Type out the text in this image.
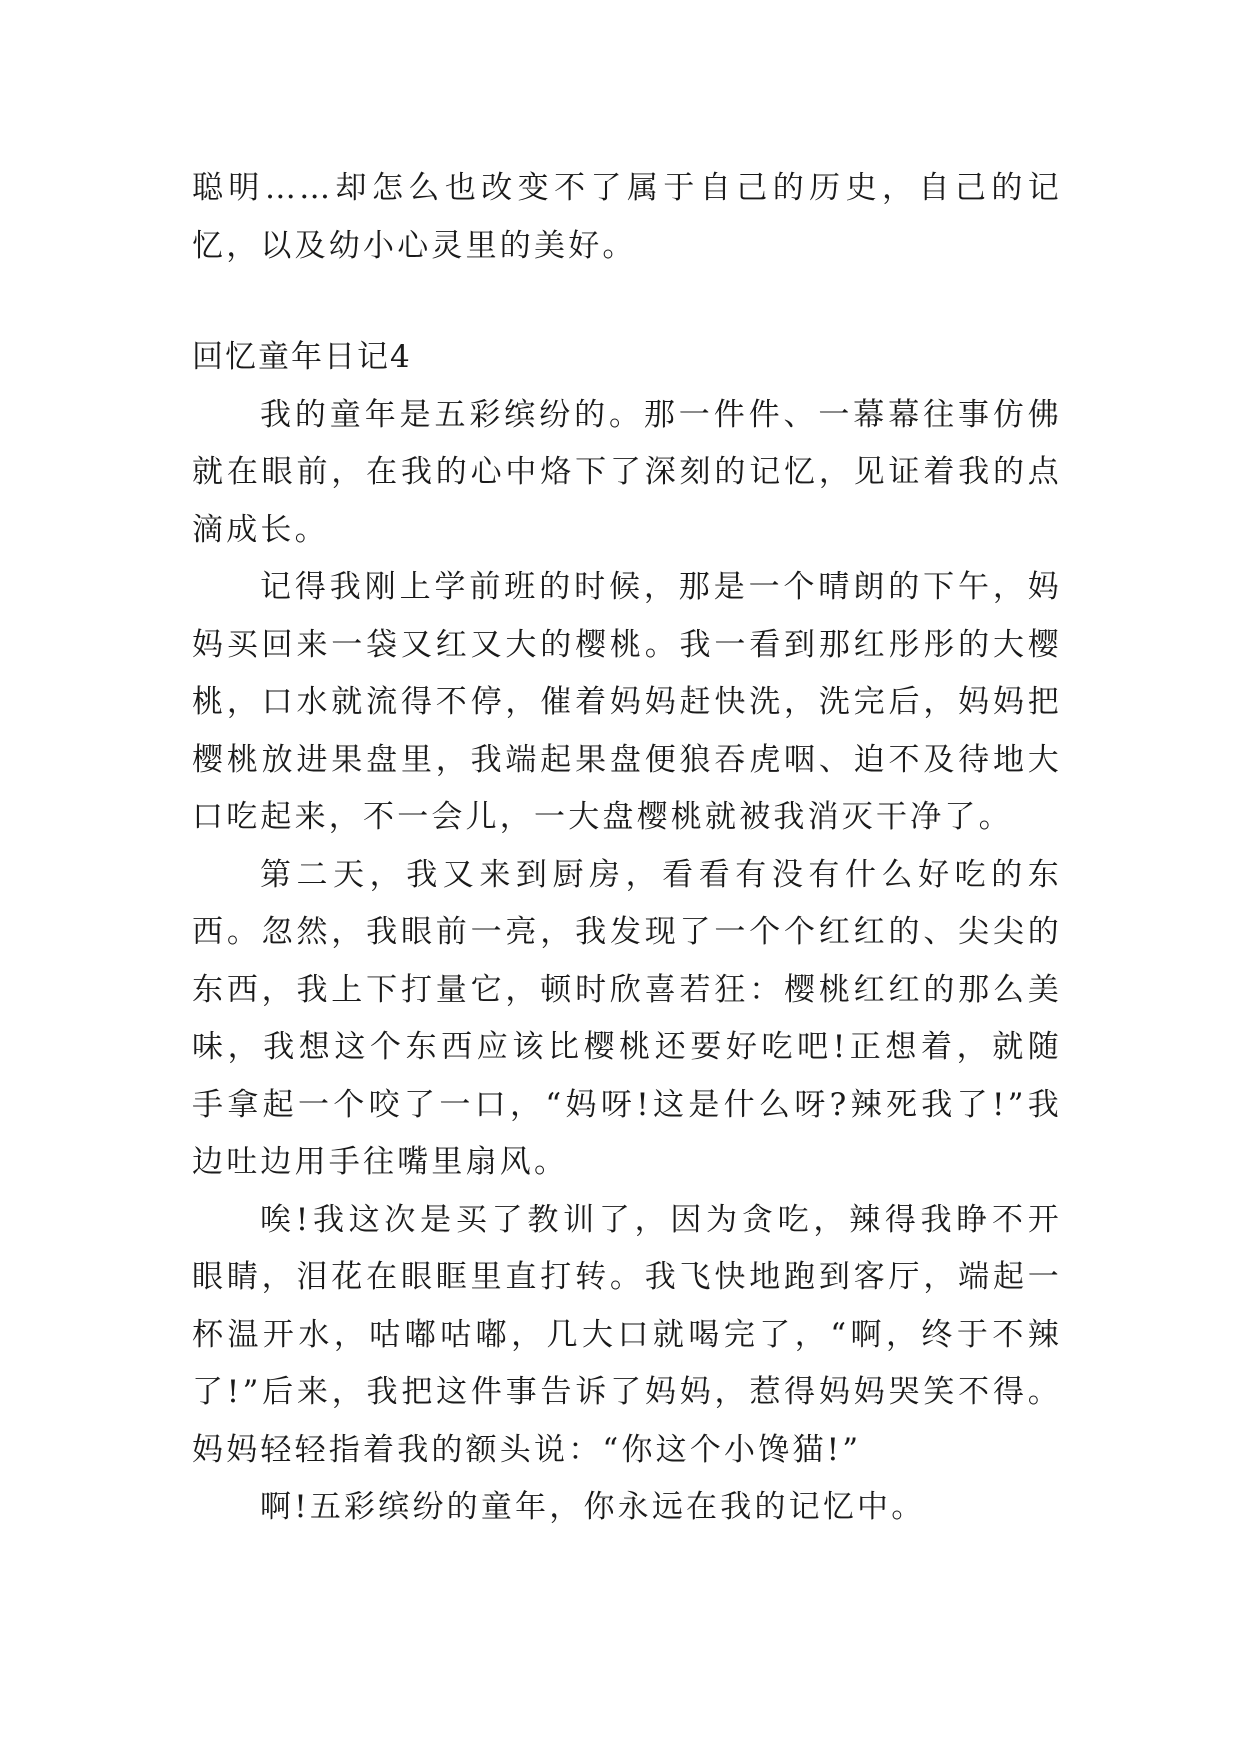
聪明……却怎么也改变不了属于自己的历史，自己的记忆，以及幼小心灵里的美好。

回忆童年日记4

我的童年是五彩缤纷的。那一件件、一幕幕往事仿佛就在眼前，在我的心中烙下了深刻的记忆，见证着我的点滴成长。

记得我刚上学前班的时候，那是一个晴朗的下午，妈妈买回来一袋又红又大的樱桃。我一看到那红彤彤的大樱桃，口水就流得不停，催着妈妈赶快洗，洗完后，妈妈把樱桃放进果盘里，我端起果盘便狼吞虎咽、迫不及待地大口吃起来，不一会儿，一大盘樱桃就被我消灭干净了。

第二天，我又来到厨房，看看有没有什么好吃的东西。忽然，我眼前一亮，我发现了一个个红红的、尖尖的东西，我上下打量它，顿时欣喜若狂：樱桃红红的那么美味，我想这个东西应该比樱桃还要好吃吧!正想着，就随手拿起一个咬了一口，“妈呀!这是什么呀?辣死我了!”我边吐边用手往嘴里扇风。

唉!我这次是买了教训了，因为贪吃，辣得我睁不开眼睛，泪花在眼眶里直打转。我飞快地跑到客厅，端起一杯温开水，咕嘟咕嘟，几大口就喝完了，“啊，终于不辣了!”后来，我把这件事告诉了妈妈，惹得妈妈哭笑不得。妈妈轻轻指着我的额头说：“你这个小馋猫!”

啊!五彩缤纷的童年，你永远在我的记忆中。
